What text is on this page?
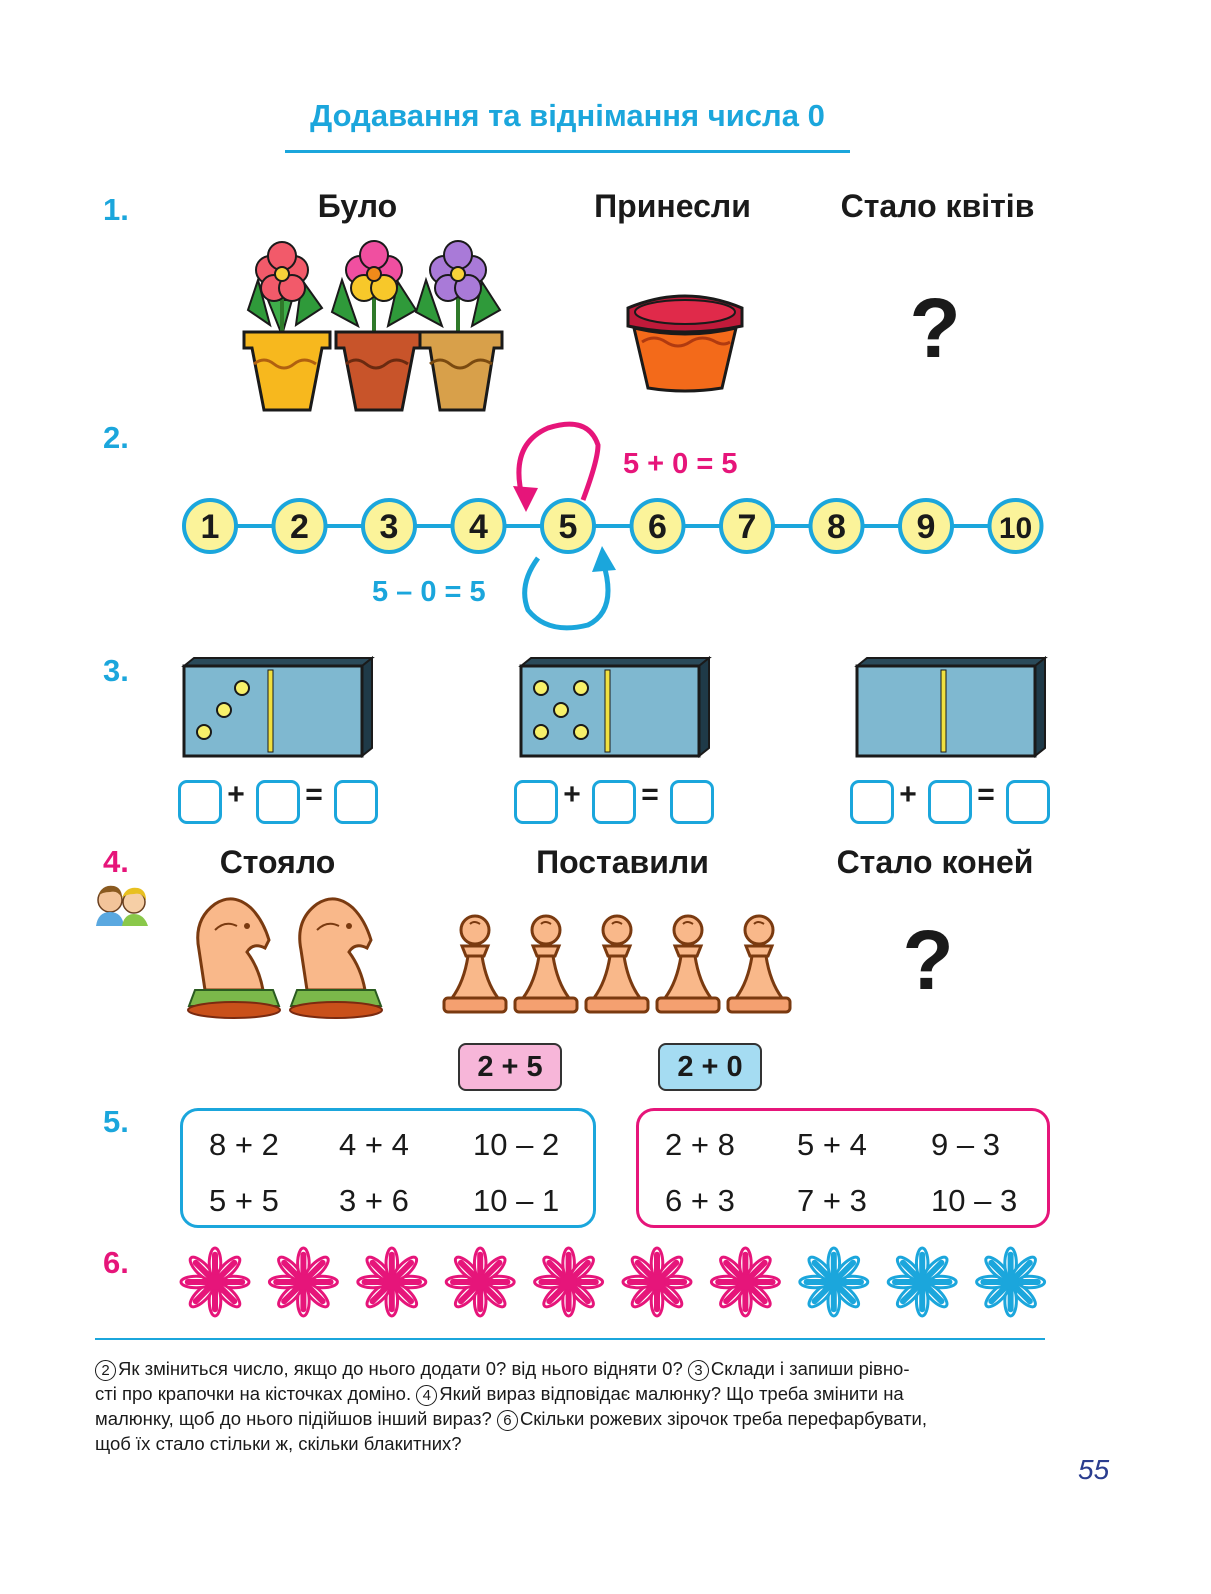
Додавання та віднімання числа 0
1.	Було	Принесли	Стало квітів
?
2.
1 2 3 4 5 6 7 8 9 10
5 + 0 = 5
5 – 0 = 5
3.
+ =	+ =	+ =
4.	Стояло	Поставили	Стало коней
?
2 + 5	2 + 0
5.
8 + 2 4 + 4 10 – 2
5 + 5 3 + 6 10 – 1
2 + 8 5 + 4 9 – 3
6 + 3 7 + 3 10 – 3
6.
2 Як зміниться число, якщо до нього додати 0? від нього відняти 0? 3 Склади і запиши рівно-
сті про крапочки на кісточках доміно. 4 Який вираз відповідає малюнку? Що треба змінити на
малюнку, щоб до нього підійшов інший вираз? 6 Скільки рожевих зірочок треба перефарбувати,
щоб їх стало стільки ж, скільки блакитних?
55
